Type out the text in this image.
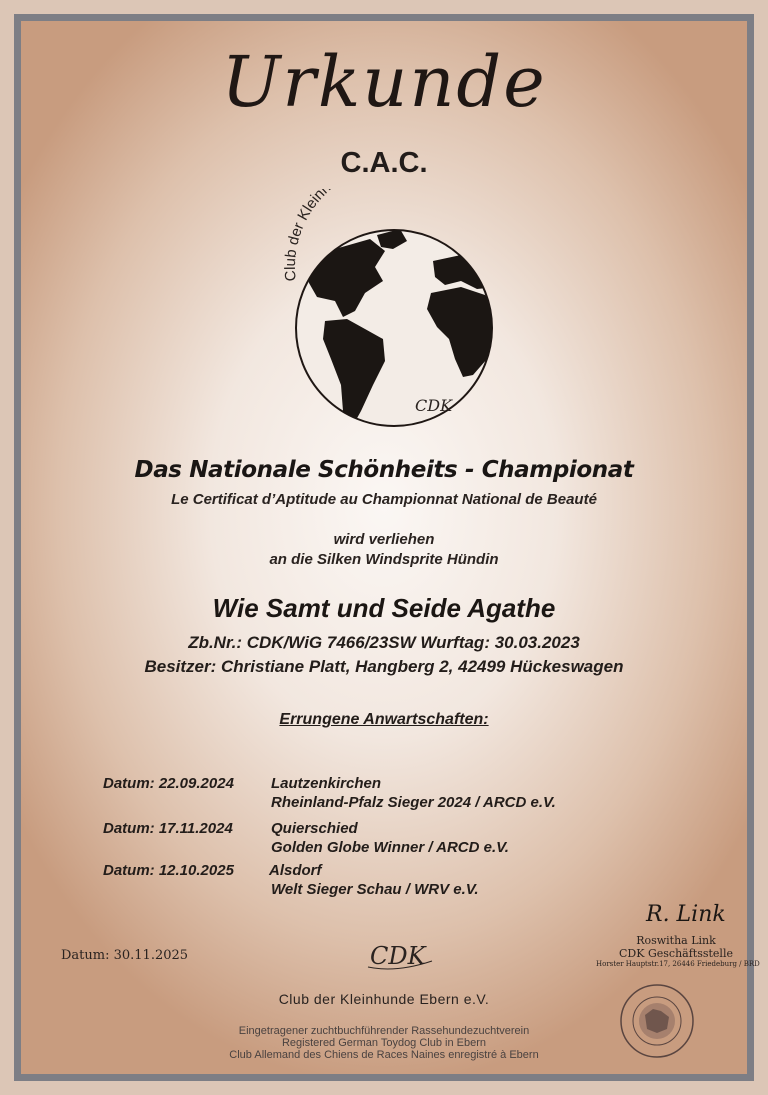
Urkunde
C.A.C.
Club der Klein
CDK
Das Nationale Schönheits - Championat
Le Certificat d’Aptitude au Championnat National de Beauté
wird verliehen
an die Silken Windsprite Hündin
Wie Samt und Seide Agathe
Zb.Nr.: CDK/WiG 7466/23SW Wurftag: 30.03.2023
Besitzer: Christiane Platt, Hangberg 2, 42499 Hückeswagen
Errungene Anwartschaften:
Datum: 22.09.2024 Lautzenkirchen
Rheinland-Pfalz Sieger 2024 / ARCD e.V.
Datum: 17.11.2024	Quierschied
Golden Globe Winner / ARCD e.V.
Datum: 12.10.2025 Alsdorf
Welt Sieger Schau / WRV e.V.
Datum: 30.11.2025	CDK
R. Link
Roswitha Link
CDK Geschäftsstelle
Horster Hauptstr.17, 26446 Friedeburg / BRD
Club der Kleinhunde Ebern e.V.
Eingetragener zuchtbuchführender Rassehundezuchtverein
Registered German Toydog Club in Ebern
Club Allemand des Chiens de Races Naines enregistré à Ebern
